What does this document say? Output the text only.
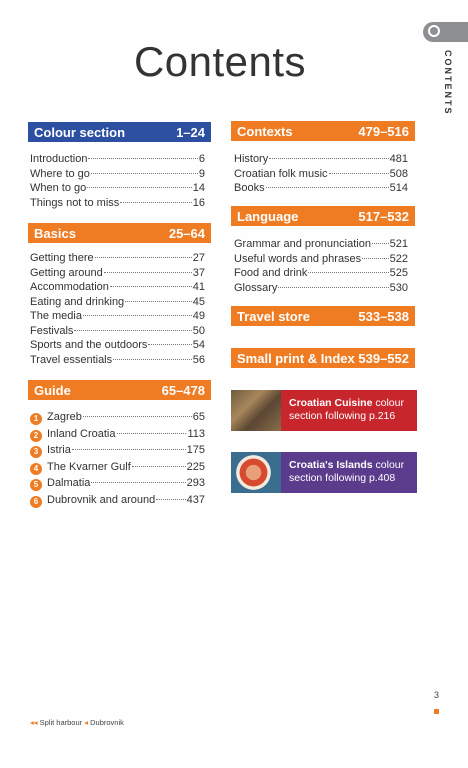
CONTENTS
Contents
Colour section	1–24
Introduction	6
Where to go	9
When to go	14
Things not to miss	16
Basics	25–64
Getting there	27
Getting around	37
Accommodation	41
Eating and drinking	45
The media	49
Festivals	50
Sports and the outdoors	54
Travel essentials	56
Guide	65–478
1 Zagreb	65
2 Inland Croatia	113
3 Istria	175
4 The Kvarner Gulf	225
5 Dalmatia	293
6 Dubrovnik and around	437
Contexts	479–516
History	481
Croatian folk music	508
Books	514
Language	517–532
Grammar and pronunciation 521
Useful words and phrases	522
Food and drink	525
Glossary	530
Travel store	533–538
Small print & Index 539–552
Croatian Cuisine colour
section following p.216
Croatia's Islands colour
section following p.408
3
◂◂ Split harbour ◂ Dubrovnik
